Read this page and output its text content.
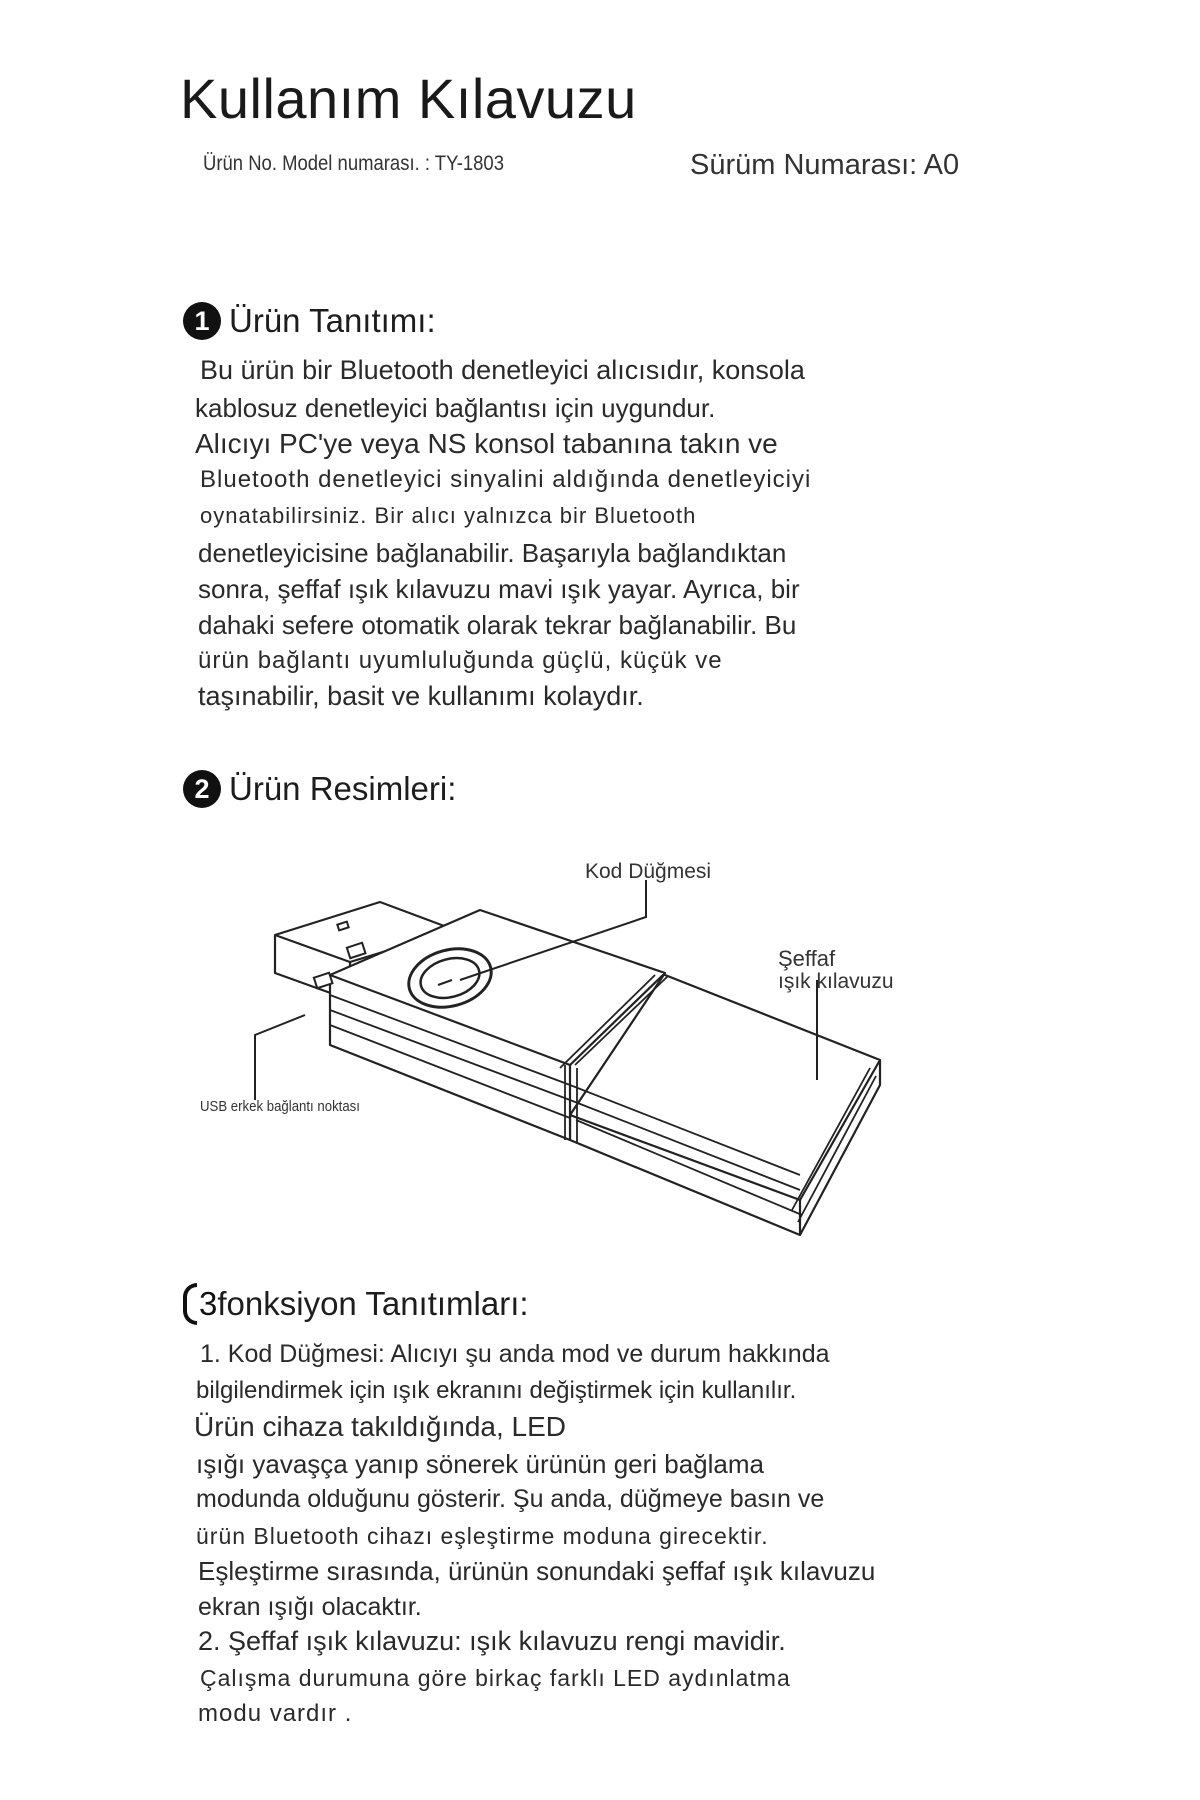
Kullanım Kılavuzu
Ürün No. Model numarası. : TY-1803	Sürüm Numarası: A0
1 Ürün Tanıtımı:
Bu ürün bir Bluetooth denetleyici alıcısıdır, konsola
kablosuz denetleyici bağlantısı için uygundur.
Alıcıyı PC'ye veya NS konsol tabanına takın ve
Bluetooth denetleyici sinyalini aldığında denetleyiciyi
oynatabilirsiniz. Bir alıcı yalnızca bir Bluetooth
denetleyicisine bağlanabilir. Başarıyla bağlandıktan
sonra, şeffaf ışık kılavuzu mavi ışık yayar. Ayrıca, bir
dahaki sefere otomatik olarak tekrar bağlanabilir. Bu
ürün bağlantı uyumluluğunda güçlü, küçük ve
taşınabilir, basit ve kullanımı kolaydır.
2 Ürün Resimleri:
Kod Düğmesi
Şeffaf
ışık kılavuzu
USB erkek bağlantı noktası
3 fonksiyon Tanıtımları:
1. Kod Düğmesi: Alıcıyı şu anda mod ve durum hakkında
bilgilendirmek için ışık ekranını değiştirmek için kullanılır.
Ürün cihaza takıldığında, LED
ışığı yavaşça yanıp sönerek ürünün geri bağlama
modunda olduğunu gösterir. Şu anda, düğmeye basın ve
ürün Bluetooth cihazı eşleştirme moduna girecektir.
Eşleştirme sırasında, ürünün sonundaki şeffaf ışık kılavuzu
ekran ışığı olacaktır.
2. Şeffaf ışık kılavuzu: ışık kılavuzu rengi mavidir.
Çalışma durumuna göre birkaç farklı LED aydınlatma
modu vardır .
